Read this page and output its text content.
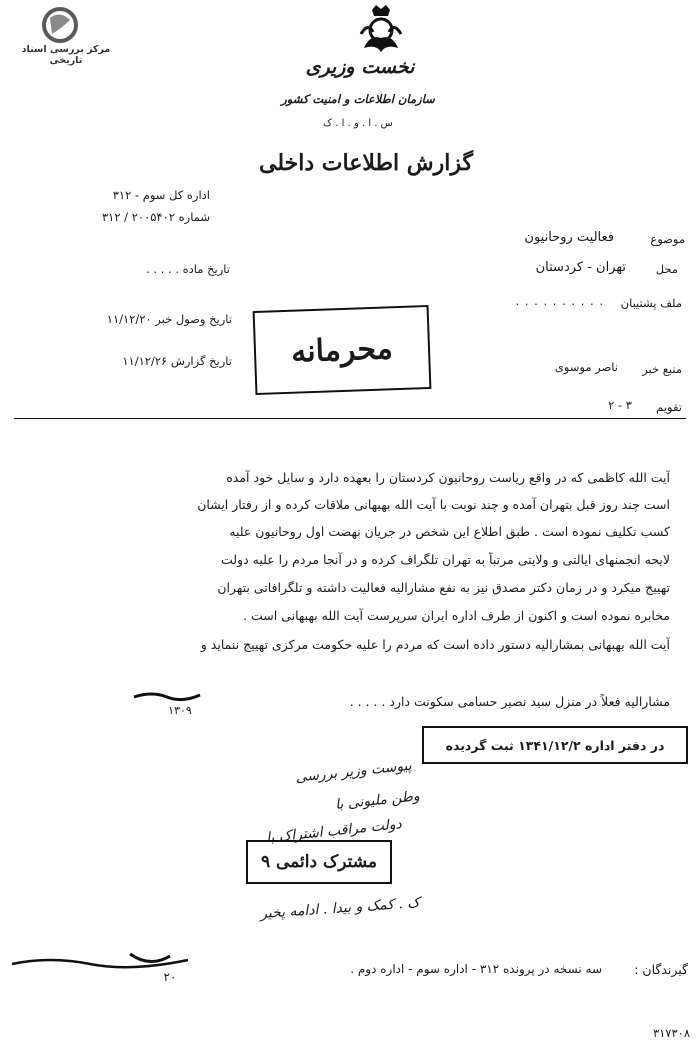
مرکز بررسی اسناد تاریخی	نخست وزیری
سازمان اطلاعات و امنیت کشور
س . ا . و . ا . ک
گزارش اطلاعات داخلی
اداره کل سوم - ۳۱۲
شماره ۲۰۰۵۴۰۲ / ۳۱۲
تاریخ ماده . . . . .
تاریخ وصول خبر ۱۱/۱۲/۲۰
تاریخ گزارش ۱۱/۱۲/۲۶ محرمانه
موضوع
فعالیت روحانیون
محل
تهران - کردستان
ملف پشتیبان
. . . . . . . . . .
منبع خبر
ناصر موسوی
تقویم
۲ - ۳
آیت الله کاظمی که در واقع ریاست روحانیون کردستان را بعهده دارد و سایل خود آمده
است چند روز قبل بتهران آمده و چند نوبت با آیت الله بهبهانی ملاقات کرده و از رفتار ایشان
کسب تکلیف نموده است . طبق اطلاع این شخص در جریان نهضت اول روحانیون علیه
لایحه انجمنهای ایالتی و ولایتی مرتباً به تهران تلگراف کرده و در آنجا مردم را علیه دولت
تهییج میکرد و در زمان دکتر مصدق نیز به نفع مشارالیه فعالیت داشته و تلگرافاتی بتهران
مخابره نموده است و اکنون از طرف اداره ایران سرپرست آیت الله بهبهانی است .
آیت الله بهبهانی بمشارالیه دستور داده است که مردم را علیه حکومت مرکزی تهییج ننماید و
مشارالیه فعلاً در منزل سید نصیر حسامی سکونت دارد . . . . .
۱۳۰۹
در دفتر اداره ۱۳۴۱/۱۲/۲ ثبت گردیده
پیوست وزیر بررسی
وطن ملیونی با
دولت مراقب اشتراک با
مشترک دائمی ۹
ک . کمک و بیدا . ادامه پخیر
۲۰	گیرندگان :
سه نسخه در پرونده ۳۱۲ - اداره سوم - اداره دوم .
۳۱۷۳۰۸
